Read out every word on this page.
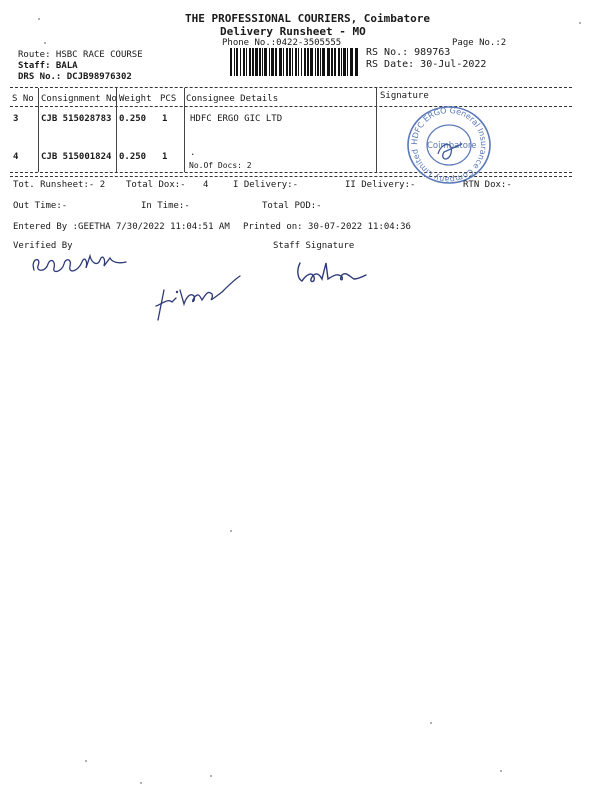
THE PROFESSIONAL COURIERS, Coimbatore
Delivery Runsheet - MO
Phone No.:0422-3505555	Page No.:2
Route: HSBC RACE COURSE
Staff: BALA
DRS No.: DCJB98976302
RS No.: 989763
RS Date: 30-Jul-2022
S No Consignment No Weight PCS Consignee Details	Signature
3	CJB 515028783 0.250 1	HDFC ERGO GIC LTD
4	CJB 515001824 0.250 1	.
No.Of Docs: 2
HDFC ERGO General Insurance Company Limited
Coimbatore
Tot. Runsheet:- 2 Total Dox:- 4	I Delivery:-	II Delivery:-	RTN Dox:-
Out Time:-	In Time:-	Total POD:-
Entered By :GEETHA 7/30/2022 11:04:51 AM Printed on: 30-07-2022 11:04:36
Verified By	Staff Signature
